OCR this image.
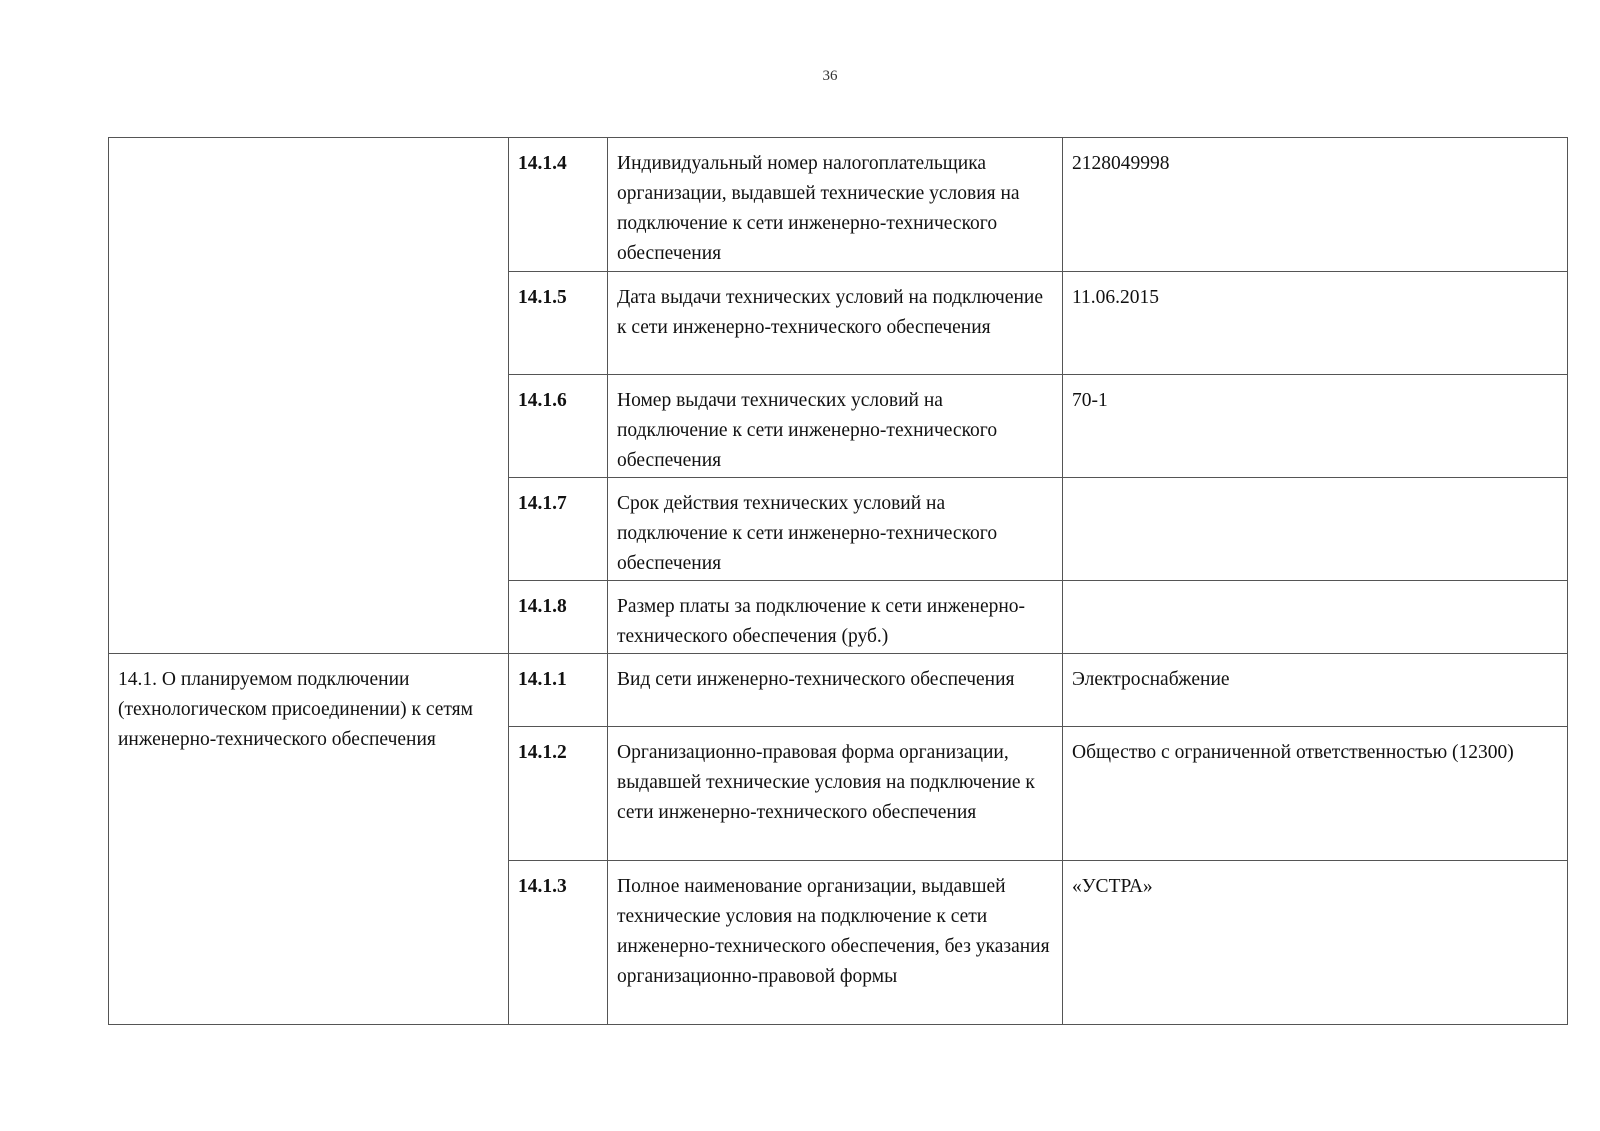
36
	14.1.4	Индивидуальный номер налогоплательщика организации, выдавшей технические условия на подключение к сети инженерно-технического обеспечения	2128049998
	14.1.5	Дата выдачи технических условий на подключение к сети инженерно-технического обеспечения	11.06.2015
	14.1.6	Номер выдачи технических условий на подключение к сети инженерно-технического обеспечения	70-1
	14.1.7	Срок действия технических условий на подключение к сети инженерно-технического обеспечения	
	14.1.8	Размер платы за подключение к сети инженерно-технического обеспечения (руб.)	

14.1. О планируемом подключении (технологическом присоединении) к сетям инженерно-технического обеспечения	14.1.1	Вид сети инженерно-технического обеспечения	Электроснабжение
	14.1.2	Организационно-правовая форма организации, выдавшей технические условия на подключение к сети инженерно-технического обеспечения	Общество с ограниченной ответственностью (12300)
	14.1.3	Полное наименование организации, выдавшей технические условия на подключение к сети инженерно-технического обеспечения, без указания организационно-правовой формы	«УСТРА»
